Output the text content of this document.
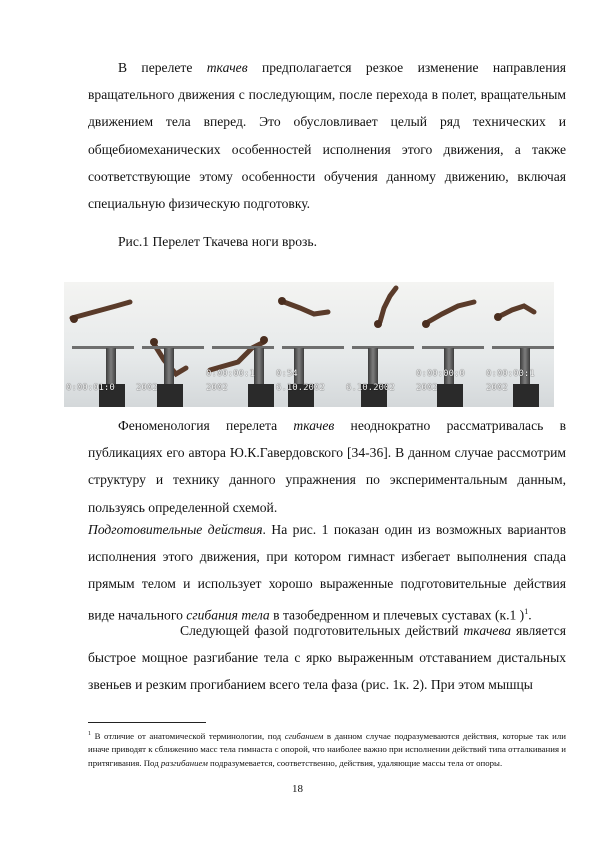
В перелете ткачев предполагается резкое изменение направления вращательного движения с последующим, после перехода в полет, вращательным движением тела вперед. Это обусловливает целый ряд технических и общебиомеханических особенностей исполнения этого движения, а также соответствующие этому особенности обучения данному движению, включая специальную физическую подготовку.

Рис.1 Перелет Ткачева ноги врозь.

0:00:01:0 2002
0:00:00:1
2002
0:54
6.10.2002 6.10.2002
0:00:00:0
2002
0:00:00:1
2002

Феноменология перелета ткачев неоднократно рассматривалась в публикациях его автора Ю.К.Гавердовского [34-36]. В данном случае рассмотрим структуру и технику данного упражнения по экспериментальным данным, пользуясь определенной схемой.

Подготовительные действия. На рис. 1 показан один из возможных вариантов исполнения этого движения, при котором гимнаст избегает выполнения спада прямым телом и использует хорошо выраженные подготовительные действия виде начального сгибания тела в тазобедренном и плечевых суставах (к.1 )$^1$.

Следующей фазой подготовительных действий ткачева является быстрое мощное разгибание тела с ярко выраженным отставанием дистальных звеньев и резким прогибанием всего тела фаза (рис. 1к. 2). При этом мышцы

$^1$ В отличие от анатомической терминологии, под сгибанием в данном случае подразумеваются действия, которые так или иначе приводят к сближению масс тела гимнаста с опорой, что наиболее важно при исполнении действий типа отталкивания и притягивания. Под разгибанием подразумевается, соответственно, действия, удаляющие массы тела от опоры.

18
